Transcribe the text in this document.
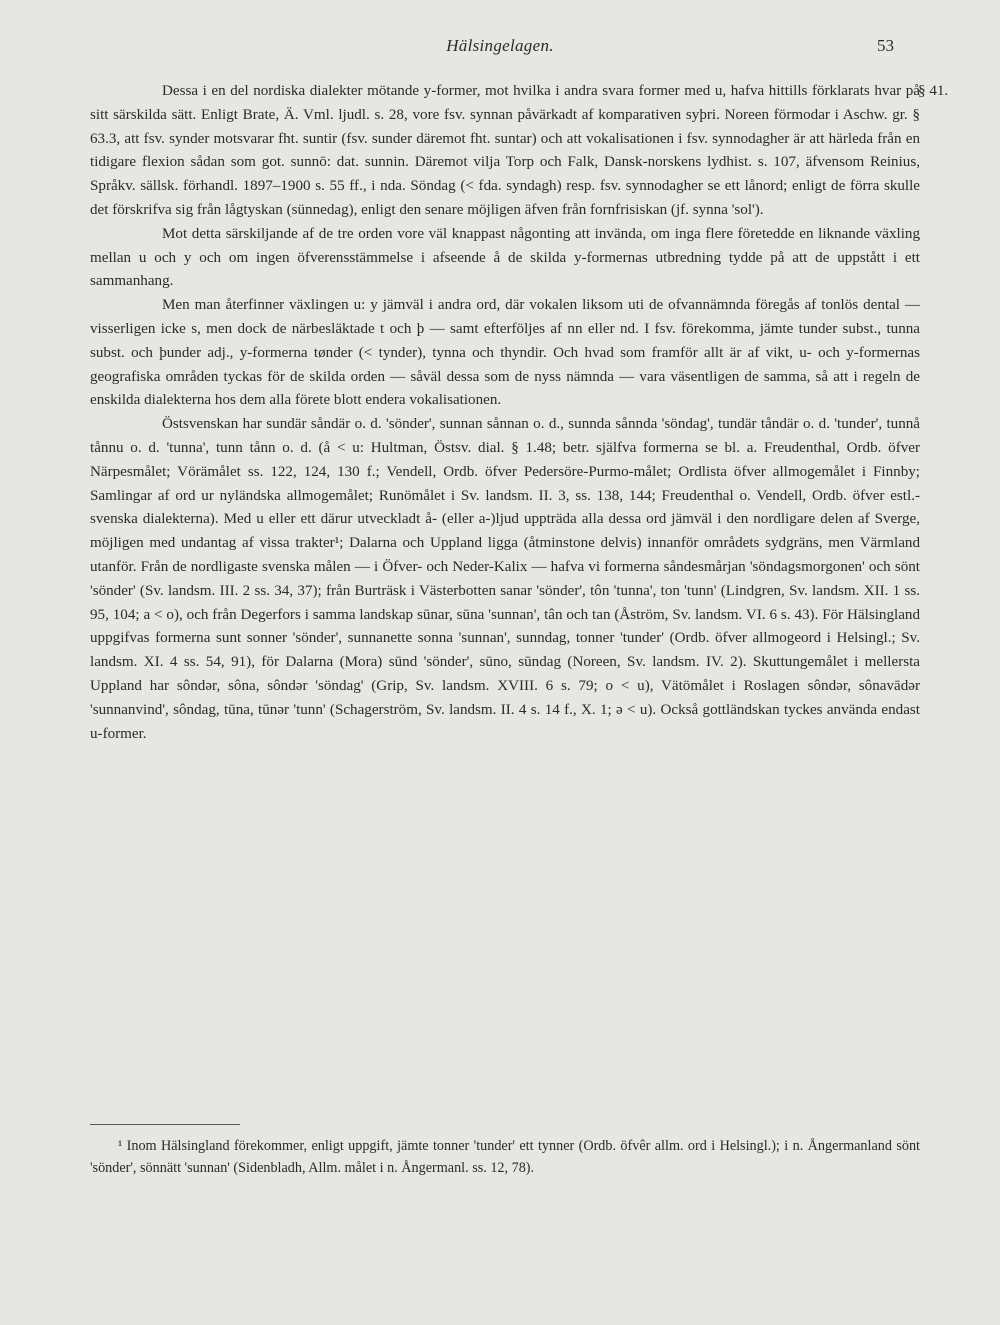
Hälsingelagen.	53
§ 41.

Dessa i en del nordiska dialekter mötande y-former, mot hvilka i andra svara former med u, hafva hittills förklarats hvar på sitt särskilda sätt. Enligt Brate, Ä. Vml. ljudl. s. 28, vore fsv. synnan påvärkadt af komparativen syþri. Noreen förmodar i Aschw. gr. § 63.3, att fsv. synder motsvarar fht. suntir (fsv. sunder däremot fht. suntar) och att vokalisationen i fsv. synnodagher är att härleda från en tidigare flexion sådan som got. sunnō: dat. sunnin. Däremot vilja Torp och Falk, Dansk-norskens lydhist. s. 107, äfvensom Reinius, Språkv. sällsk. förhandl. 1897–1900 s. 55 ff., i nda. Söndag (< fda. syndagh) resp. fsv. synnodagher se ett lånord; enligt de förra skulle det förskrifva sig från lågtyskan (sünnedag), enligt den senare möjligen äfven från fornfrisiskan (jf. synna 'sol').

Mot detta särskiljande af de tre orden vore väl knappast någonting att invända, om inga flere företedde en liknande växling mellan u och y och om ingen öfverensstämmelse i afseende å de skilda y-formernas utbredning tydde på att de uppstått i ett sammanhang.

Men man återfinner växlingen u: y jämväl i andra ord, där vokalen liksom uti de ofvannämnda föregås af tonlös dental — visserligen icke s, men dock de närbesläktade t och þ — samt efterföljes af nn eller nd. I fsv. förekomma, jämte tunder subst., tunna subst. och þunder adj., y-formerna tønder (< tynder), tynna och thyndir. Och hvad som framför allt är af vikt, u- och y-formernas geografiska områden tyckas för de skilda orden — såväl dessa som de nyss nämnda — vara väsentligen de samma, så att i regeln de enskilda dialekterna hos dem alla förete blott endera vokalisationen.

Östsvenskan har sundär såndär o. d. 'sönder', sunnan sånnan o. d., sunnda sånnda 'söndag', tundär tåndär o. d. 'tunder', tunnå tånnu o. d. 'tunna', tunn tånn o. d. (å < u: Hultman, Östsv. dial. § 1.48; betr. själfva formerna se bl. a. Freudenthal, Ordb. öfver Närpesmålet; Vörämålet ss. 122, 124, 130 f.; Vendell, Ordb. öfver Pedersöre-Purmo-målet; Ordlista öfver allmogemålet i Finnby; Samlingar af ord ur nyländska allmogemålet; Runömålet i Sv. landsm. II. 3, ss. 138, 144; Freudenthal o. Vendell, Ordb. öfver estl.-svenska dialekterna). Med u eller ett därur utveckladt å- (eller a-)ljud uppträda alla dessa ord jämväl i den nordligare delen af Sverge, möjligen med undantag af vissa trakter¹; Dalarna och Uppland ligga (åtminstone delvis) innanför områdets sydgräns, men Värmland utanför. Från de nordligaste svenska målen — i Öfver- och Neder-Kalix — hafva vi formerna såndesmårjan 'söndagsmorgonen' och sönt 'sönder' (Sv. landsm. III. 2 ss. 34, 37); från Burträsk i Västerbotten sanar 'sönder', tôn 'tunna', ton 'tunn' (Lindgren, Sv. landsm. XII. 1 ss. 95, 104; a < o), och från Degerfors i samma landskap sūnar, sūna 'sunnan', tân och tan (Åström, Sv. landsm. VI. 6 s. 43). För Hälsingland uppgifvas formerna sunt sonner 'sönder', sunnanette sonna 'sunnan', sunndag, tonner 'tunder' (Ordb. öfver allmogeord i Helsingl.; Sv. landsm. XI. 4 ss. 54, 91), för Dalarna (Mora) sūnd 'sönder', sūno, sūndag (Noreen, Sv. landsm. IV. 2). Skuttungemålet i mellersta Uppland har sôndər, sôna, sôndər 'söndag' (Grip, Sv. landsm. XVIII. 6 s. 79; o < u), Vätömålet i Roslagen sôndər, sônavādər 'sunnanvind', sôndag, tūna, tūnər 'tunn' (Schagerström, Sv. landsm. II. 4 s. 14 f., X. 1; ə < u). Också gottländskan tyckes använda endast u-former.

¹ Inom Hälsingland förekommer, enligt uppgift, jämte tonner 'tunder' ett tynner (Ordb. öfvêr allm. ord i Helsingl.); i n. Ångermanland sönt 'sönder', sönnätt 'sunnan' (Sidenbladh, Allm. målet i n. Ångermanl. ss. 12, 78).
